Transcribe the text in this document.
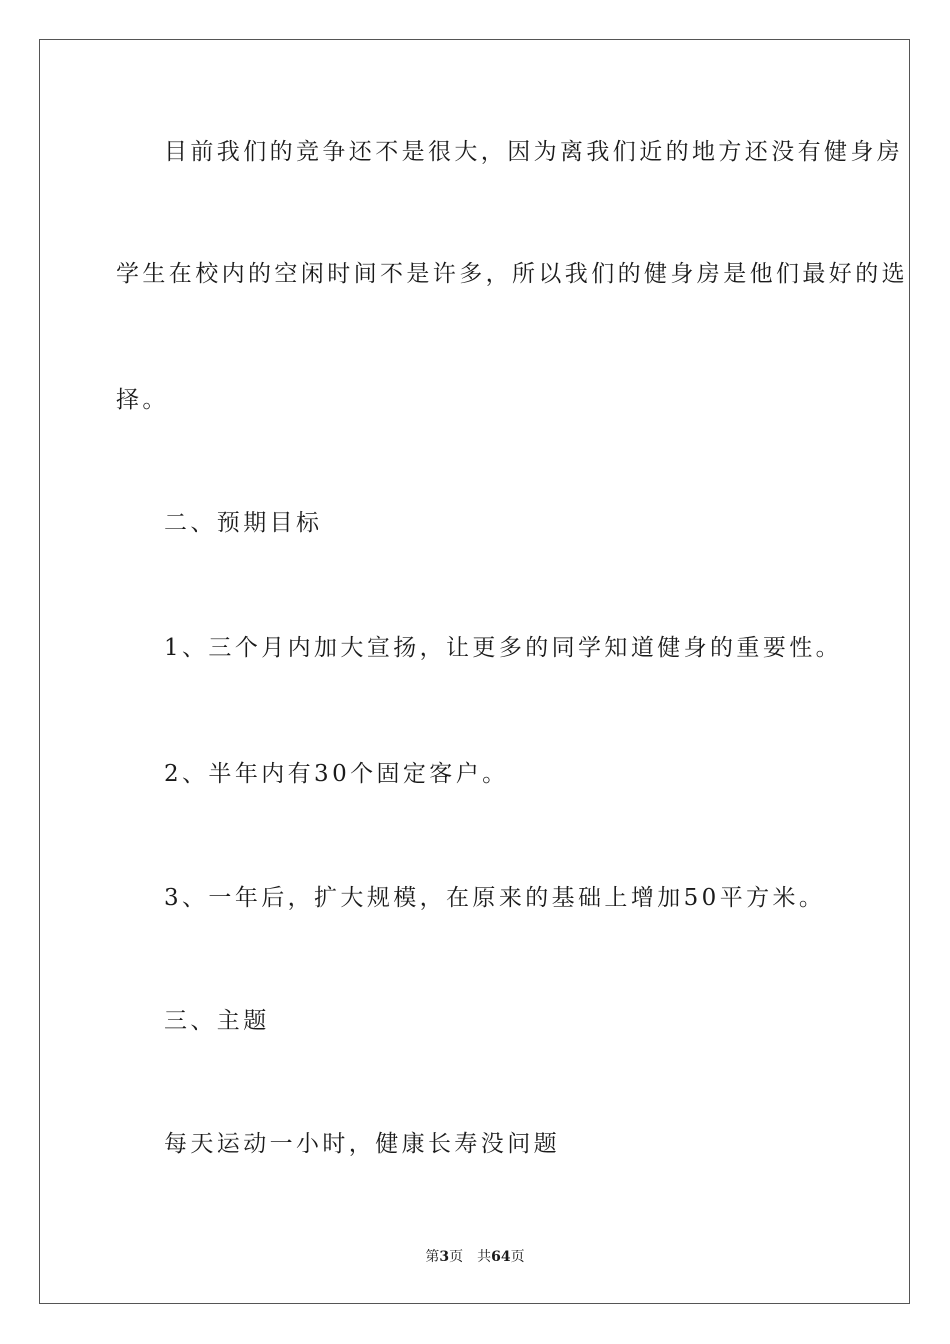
目前我们的竞争还不是很大，因为离我们近的地方还没有健身房
学生在校内的空闲时间不是许多，所以我们的健身房是他们最好的选
择。
二、预期目标
1、三个月内加大宣扬，让更多的同学知道健身的重要性。
2、半年内有30个固定客户。
3、一年后，扩大规模，在原来的基础上增加50平方米。
三、主题
每天运动一小时，健康长寿没问题
第3页 共64页
